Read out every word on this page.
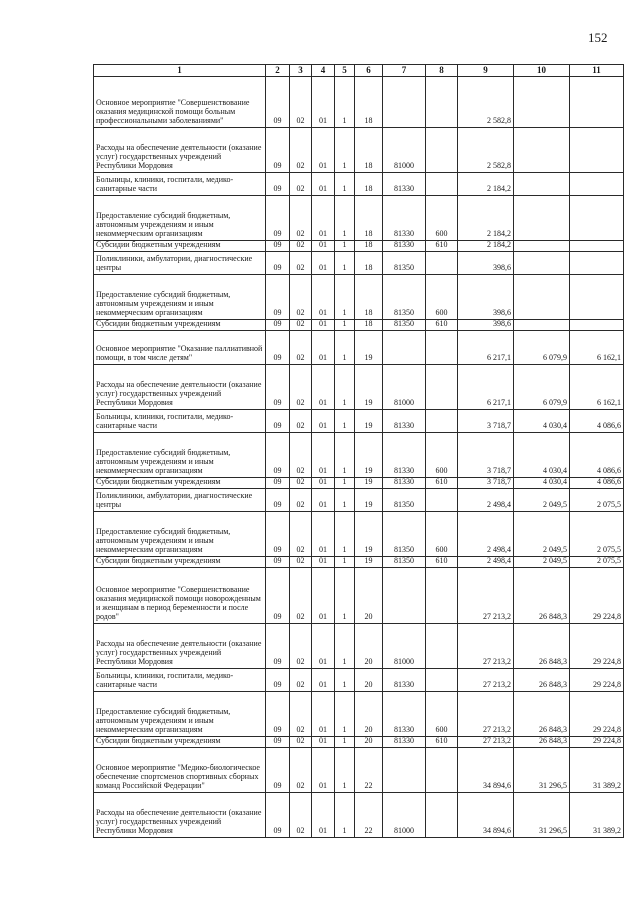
152
1	2	3	4	5	6	7	8	9	10	11
Основное мероприятие "Совершенствование оказания медицинской помощи больным профессиональными заболеваниями"	09	02	01	1	18			2 582,8		
Расходы на обеспечение деятельности (оказание услуг) государственных учреждений Республики Мордовия	09	02	01	1	18	81000		2 582,8		
Больницы, клиники, госпитали, медико-санитарные части	09	02	01	1	18	81330		2 184,2		
Предоставление субсидий бюджетным, автономным учреждениям и иным некоммерческим организациям	09	02	01	1	18	81330	600	2 184,2		
Субсидии бюджетным учреждениям	09	02	01	1	18	81330	610	2 184,2		
Поликлиники, амбулатории, диагностические центры	09	02	01	1	18	81350		398,6		
Предоставление субсидий бюджетным, автономным учреждениям и иным некоммерческим организациям	09	02	01	1	18	81350	600	398,6		
Субсидии бюджетным учреждениям	09	02	01	1	18	81350	610	398,6		
Основное мероприятие "Оказание паллиативной помощи, в том числе детям"	09	02	01	1	19			6 217,1	6 079,9	6 162,1
Расходы на обеспечение деятельности (оказание услуг) государственных учреждений Республики Мордовия	09	02	01	1	19	81000		6 217,1	6 079,9	6 162,1
Больницы, клиники, госпитали, медико-санитарные части	09	02	01	1	19	81330		3 718,7	4 030,4	4 086,6
Предоставление субсидий бюджетным, автономным учреждениям и иным некоммерческим организациям	09	02	01	1	19	81330	600	3 718,7	4 030,4	4 086,6
Субсидии бюджетным учреждениям	09	02	01	1	19	81330	610	3 718,7	4 030,4	4 086,6
Поликлиники, амбулатории, диагностические центры	09	02	01	1	19	81350		2 498,4	2 049,5	2 075,5
Предоставление субсидий бюджетным, автономным учреждениям и иным некоммерческим организациям	09	02	01	1	19	81350	600	2 498,4	2 049,5	2 075,5
Субсидии бюджетным учреждениям	09	02	01	1	19	81350	610	2 498,4	2 049,5	2 075,5
Основное мероприятие "Совершенствование оказания медицинской помощи новорожденным и женщинам в период беременности и после родов"	09	02	01	1	20			27 213,2	26 848,3	29 224,8
Расходы на обеспечение деятельности (оказание услуг) государственных учреждений Республики Мордовия	09	02	01	1	20	81000		27 213,2	26 848,3	29 224,8
Больницы, клиники, госпитали, медико-санитарные части	09	02	01	1	20	81330		27 213,2	26 848,3	29 224,8
Предоставление субсидий бюджетным, автономным учреждениям и иным некоммерческим организациям	09	02	01	1	20	81330	600	27 213,2	26 848,3	29 224,8
Субсидии бюджетным учреждениям	09	02	01	1	20	81330	610	27 213,2	26 848,3	29 224,8
Основное мероприятие "Медико-биологическое обеспечение спортсменов спортивных сборных команд Российской Федерации"	09	02	01	1	22			34 894,6	31 296,5	31 389,2
Расходы на обеспечение деятельности (оказание услуг) государственных учреждений Республики Мордовия	09	02	01	1	22	81000		34 894,6	31 296,5	31 389,2
